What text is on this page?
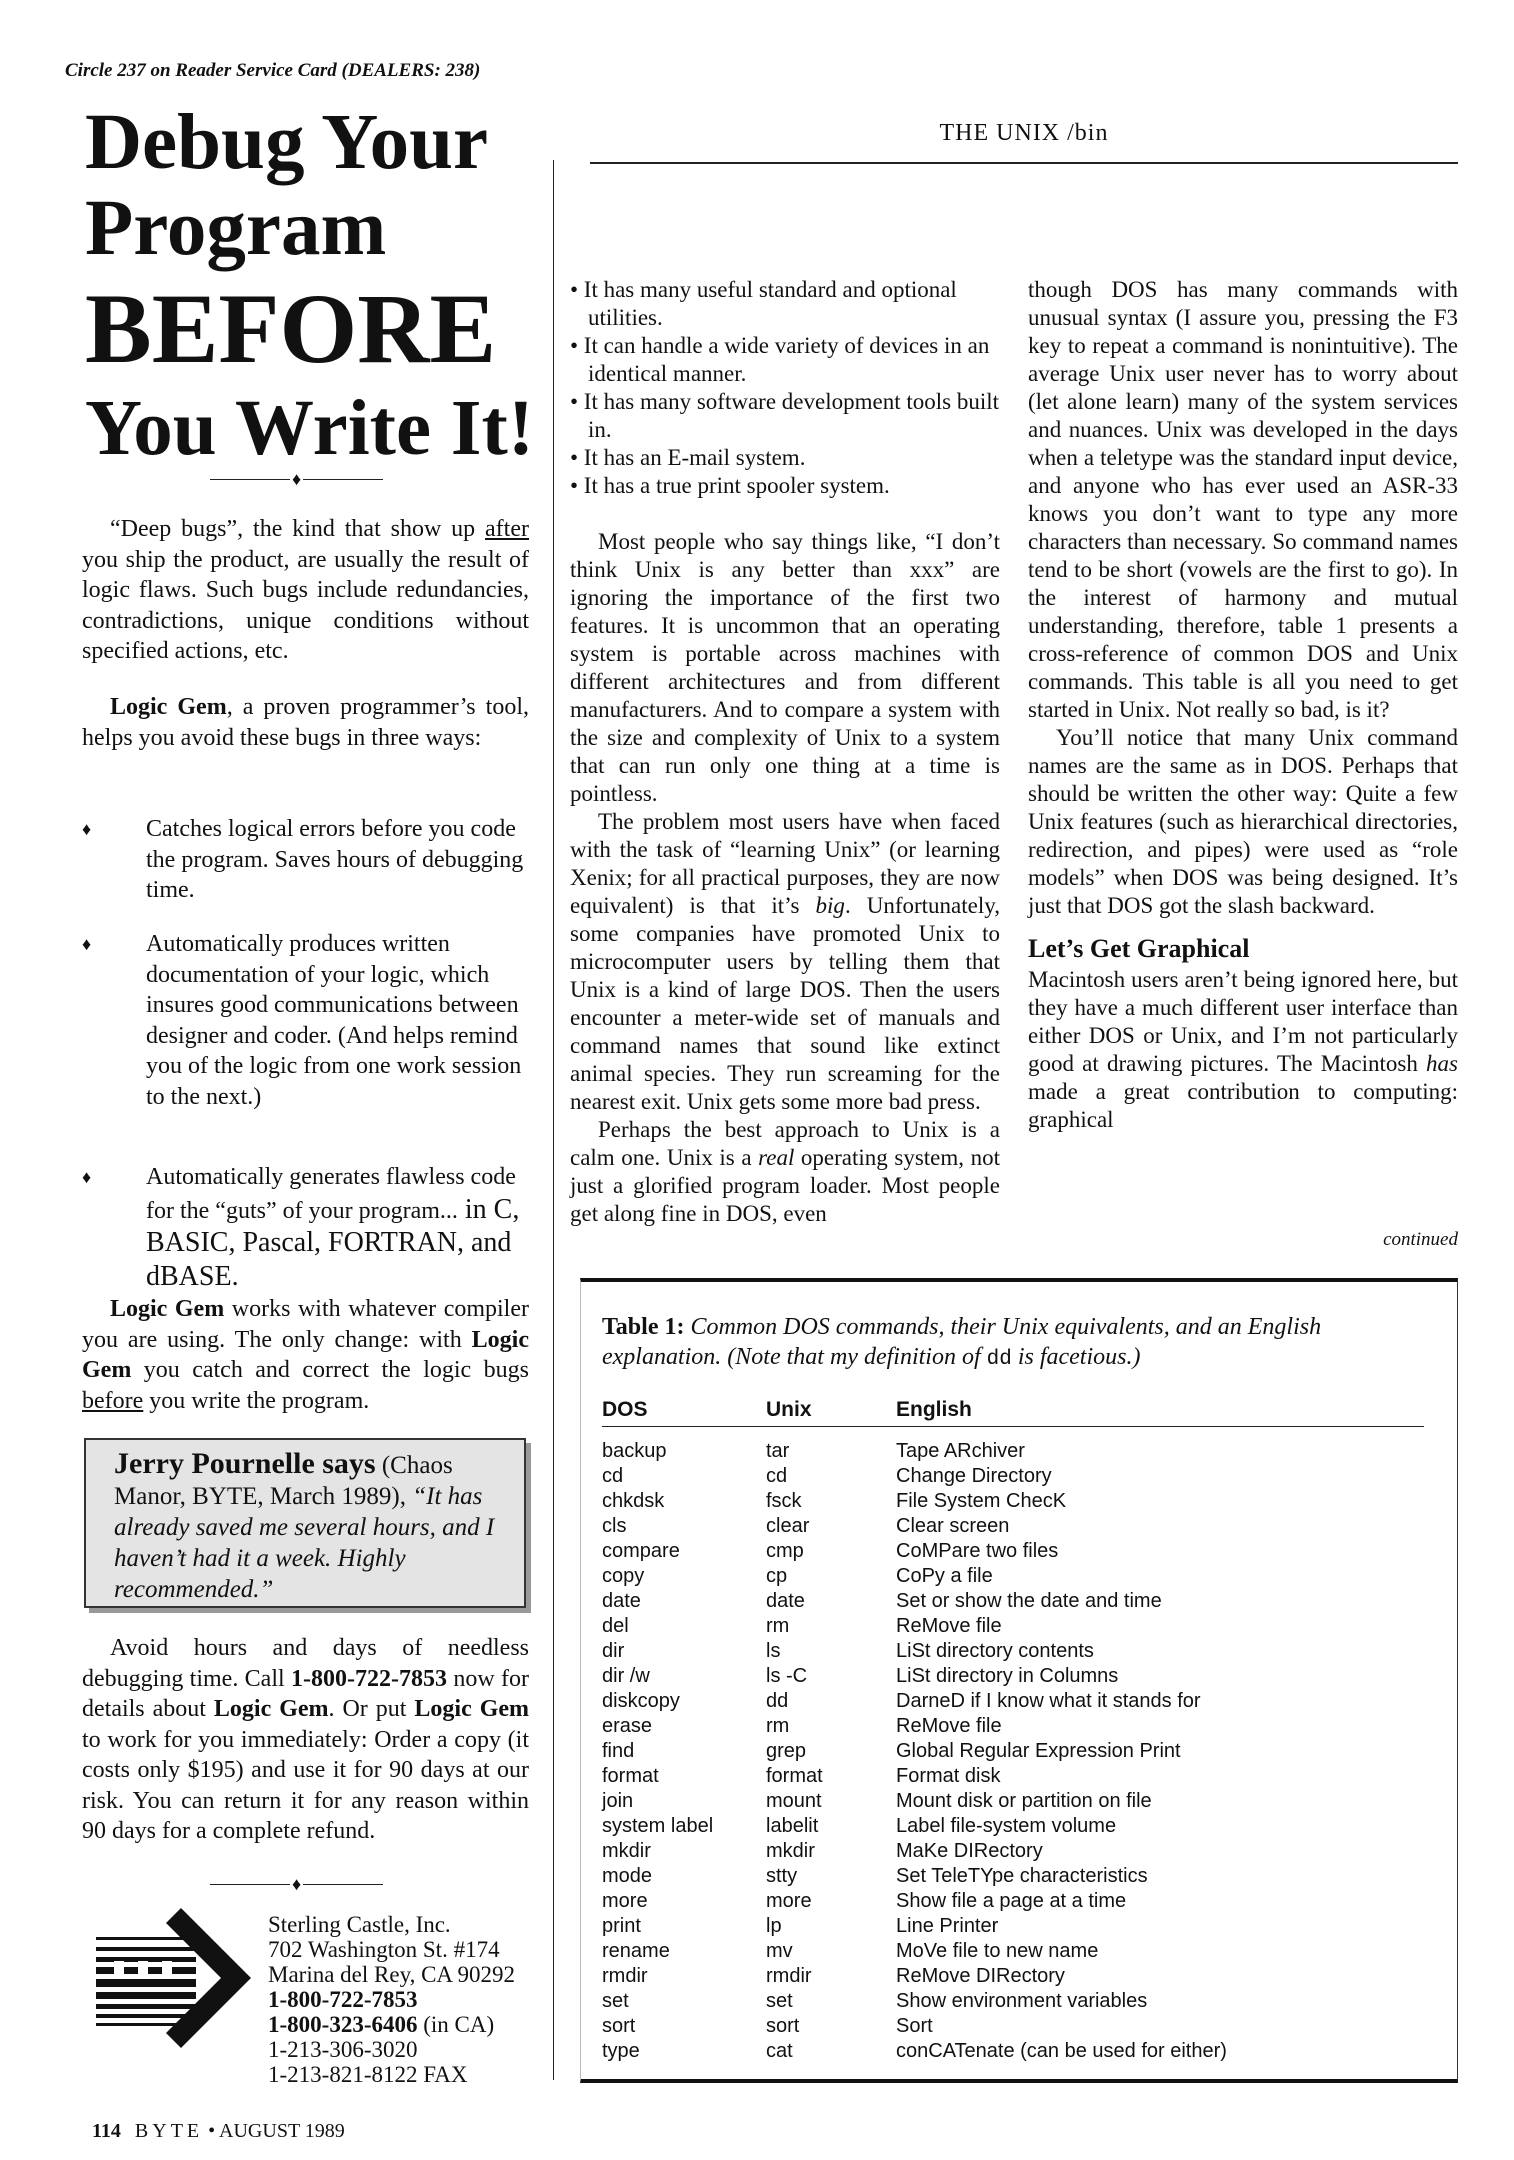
Circle 237 on Reader Service Card (DEALERS: 238)
Debug Your
Program
BEFORE
You Write It!
♦

“Deep bugs”, the kind that show up after you ship the product, are usually the result of logic flaws. Such bugs include redundancies, contradictions, unique conditions without specified actions, etc.

Logic Gem, a proven programmer’s tool, helps you avoid these bugs in three ways:

♦ Catches logical errors before you code the program. Saves hours of debugging time.
♦ Automatically produces written documentation of your logic, which insures good communications between designer and coder. (And helps remind you of the logic from one work session to the next.)
♦ Automatically generates flawless code for the “guts” of your program... in C, BASIC, Pascal, FORTRAN, and dBASE.

Logic Gem works with whatever compiler you are using. The only change: with Logic Gem you catch and correct the logic bugs before you write the program.

Jerry Pournelle says (Chaos Manor, BYTE, March 1989), “It has already saved me several hours, and I haven’t had it a week. Highly recommended.”

Avoid hours and days of needless debugging time. Call 1-800-722-7853 now for details about Logic Gem. Or put Logic Gem to work for you immediately: Order a copy (it costs only $195) and use it for 90 days at our risk. You can return it for any reason within 90 days for a complete refund.

♦
Sterling Castle, Inc.
702 Washington St. #174
Marina del Rey, CA 90292
1-800-722-7853
1-800-323-6406 (in CA)
1-213-306-3020
1-213-821-8122 FAX
114 BYTE • AUGUST 1989
THE UNIX /bin
• It has many useful standard and optional utilities.
• It can handle a wide variety of devices in an identical manner.
• It has many software development tools built in.
• It has an E-mail system.
• It has a true print spooler system.

Most people who say things like, “I don’t think Unix is any better than xxx” are ignoring the importance of the first two features. It is uncommon that an operating system is portable across machines with different architectures and from different manufacturers. And to compare a system with the size and complexity of Unix to a system that can run only one thing at a time is pointless.

The problem most users have when faced with the task of “learning Unix” (or learning Xenix; for all practical purposes, they are now equivalent) is that it’s big. Unfortunately, some companies have promoted Unix to microcomputer users by telling them that Unix is a kind of large DOS. Then the users encounter a meter-wide set of manuals and command names that sound like extinct animal species. They run screaming for the nearest exit. Unix gets some more bad press.

Perhaps the best approach to Unix is a calm one. Unix is a real operating system, not just a glorified program loader. Most people get along fine in DOS, even

though DOS has many commands with unusual syntax (I assure you, pressing the F3 key to repeat a command is nonintuitive). The average Unix user never has to worry about (let alone learn) many of the system services and nuances. Unix was developed in the days when a teletype was the standard input device, and anyone who has ever used an ASR-33 knows you don’t want to type any more characters than necessary. So command names tend to be short (vowels are the first to go). In the interest of harmony and mutual understanding, therefore, table 1 presents a cross-reference of common DOS and Unix commands. This table is all you need to get started in Unix. Not really so bad, is it?

You’ll notice that many Unix command names are the same as in DOS. Perhaps that should be written the other way: Quite a few Unix features (such as hierarchical directories, redirection, and pipes) were used as “role models” when DOS was being designed. It’s just that DOS got the slash backward.

Let’s Get Graphical

Macintosh users aren’t being ignored here, but they have a much different user interface than either DOS or Unix, and I’m not particularly good at drawing pictures. The Macintosh has made a great contribution to computing: graphical

continued
Table 1: Common DOS commands, their Unix equivalents, and an English explanation. (Note that my definition of dd is facetious.)
DOS	Unix	English
backup	tar	Tape ARchiver
cd	cd	Change Directory
chkdsk	fsck	File System ChecK
cls	clear	Clear screen
compare	cmp	CoMPare two files
copy	cp	CoPy a file
date	date	Set or show the date and time
del	rm	ReMove file
dir	ls	LiSt directory contents
dir /w	ls -C	LiSt directory in Columns
diskcopy	dd	DarneD if I know what it stands for
erase	rm	ReMove file
find	grep	Global Regular Expression Print
format	format	Format disk
join	mount	Mount disk or partition on file
system label	labelit	Label file-system volume
mkdir	mkdir	MaKe DIRectory
mode	stty	Set TeleTYpe characteristics
more	more	Show file a page at a time
print	lp	Line Printer
rename	mv	MoVe file to new name
rmdir	rmdir	ReMove DIRectory
set	set	Show environment variables
sort	sort	Sort
type	cat	conCATenate (can be used for either)
